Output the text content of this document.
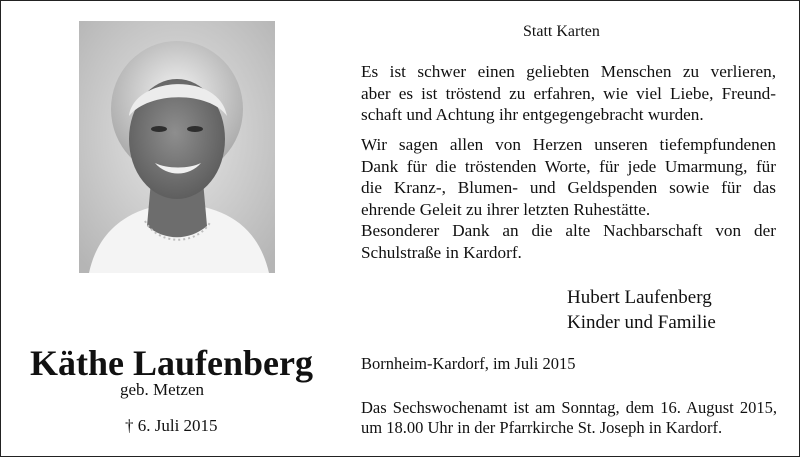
Käthe Laufenberg
geb. Metzen
† 6. Juli 2015
Statt Karten
Es ist schwer einen geliebten Menschen zu verlieren,
aber es ist tröstend zu erfahren, wie viel Liebe, Freund-
schaft und Achtung ihr entgegengebracht wurden.
Wir sagen allen von Herzen unseren tiefempfundenen
Dank für die tröstenden Worte, für jede Umarmung, für
die Kranz-, Blumen- und Geldspenden sowie für das
ehrende Geleit zu ihrer letzten Ruhestätte.
Besonderer Dank an die alte Nachbarschaft von der
Schulstraße in Kardorf.
Hubert Laufenberg
Kinder und Familie
Bornheim-Kardorf, im Juli 2015
Das Sechswochenamt ist am Sonntag, dem 16. August 2015,
um 18.00 Uhr in der Pfarrkirche St. Joseph in Kardorf.
